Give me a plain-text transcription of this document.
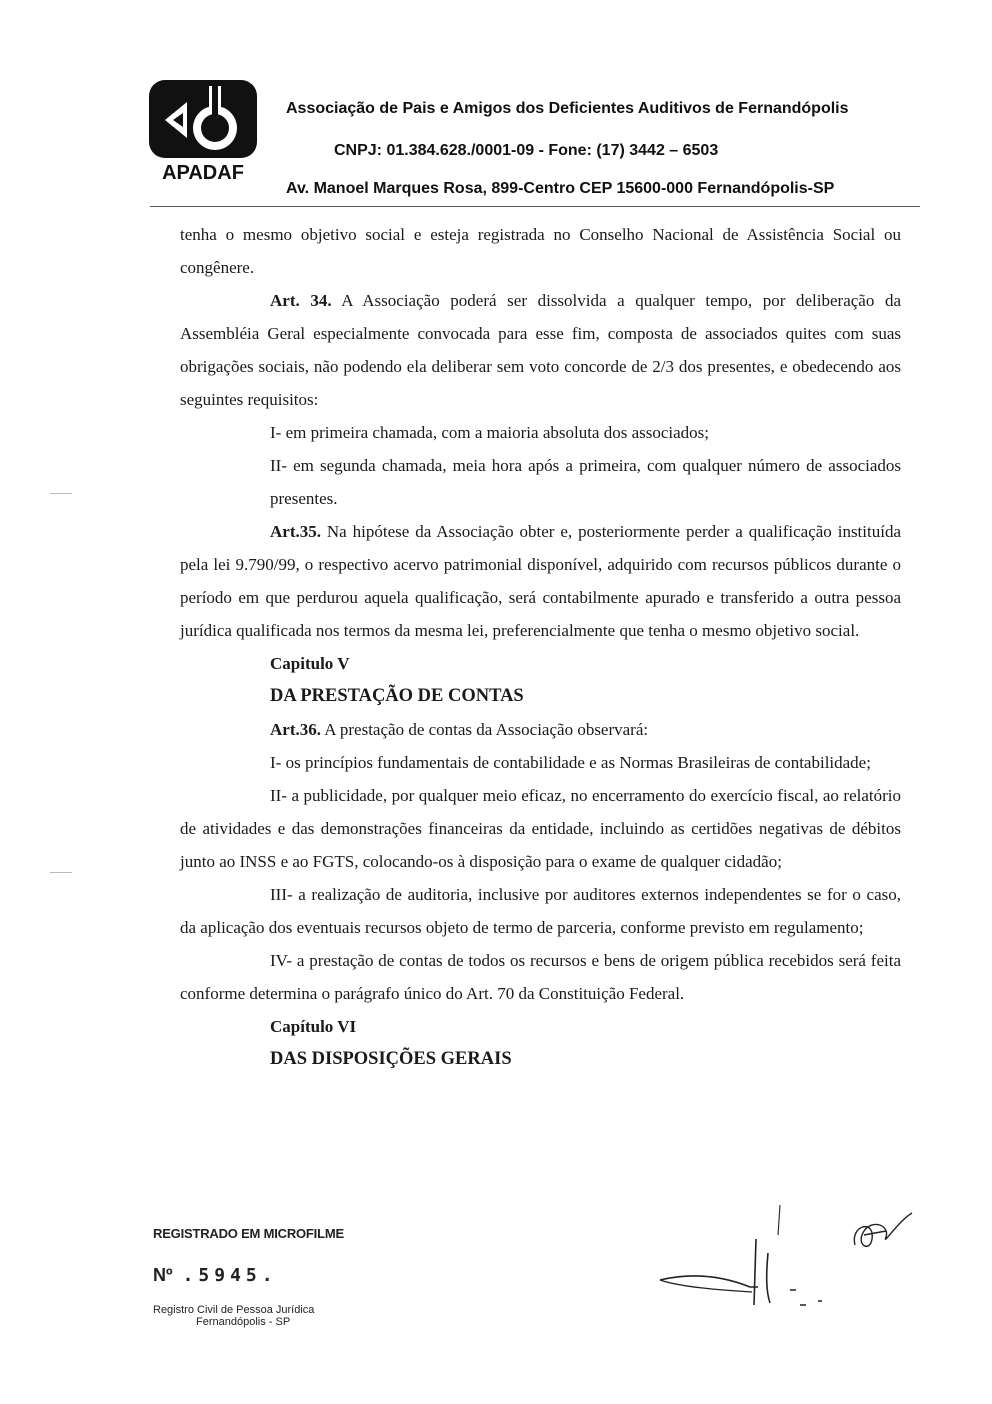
APADAF
Associação de Pais e Amigos dos Deficientes Auditivos de Fernandópolis
CNPJ: 01.384.628./0001-09 - Fone: (17) 3442 – 6503
Av. Manoel Marques Rosa, 899-Centro CEP 15600-000 Fernandópolis-SP

tenha o mesmo objetivo social e esteja registrada no Conselho Nacional de Assistência Social ou congênere.

Art. 34. A Associação poderá ser dissolvida a qualquer tempo, por deliberação da Assembléia Geral especialmente convocada para esse fim, composta de associados quites com suas obrigações sociais, não podendo ela deliberar sem voto concorde de 2/3 dos presentes, e obedecendo aos seguintes requisitos:

I- em primeira chamada, com a maioria absoluta dos associados;

II- em segunda chamada, meia hora após a primeira, com qualquer número de associados presentes.

Art.35. Na hipótese da Associação obter e, posteriormente perder a qualificação instituída pela lei 9.790/99, o respectivo acervo patrimonial disponível, adquirido com recursos públicos durante o período em que perdurou aquela qualificação, será contabilmente apurado e transferido a outra pessoa jurídica qualificada nos termos da mesma lei, preferencialmente que tenha o mesmo objetivo social.

Capitulo V

DA PRESTAÇÃO DE CONTAS

Art.36. A prestação de contas da Associação observará:

I- os princípios fundamentais de contabilidade e as Normas Brasileiras de contabilidade;

II- a publicidade, por qualquer meio eficaz, no encerramento do exercício fiscal, ao relatório de atividades e das demonstrações financeiras da entidade, incluindo as certidões negativas de débitos junto ao INSS e ao FGTS, colocando-os à disposição para o exame de qualquer cidadão;

III- a realização de auditoria, inclusive por auditores externos independentes se for o caso, da aplicação dos eventuais recursos objeto de termo de parceria, conforme previsto em regulamento;

IV- a prestação de contas de todos os recursos e bens de origem pública recebidos será feita conforme determina o parágrafo único do Art. 70 da Constituição Federal.

Capítulo VI

DAS DISPOSIÇÕES GERAIS

REGISTRADO EM MICROFILME
Nº .5945.
Registro Civil de Pessoa Jurídica
Fernandópolis - SP
